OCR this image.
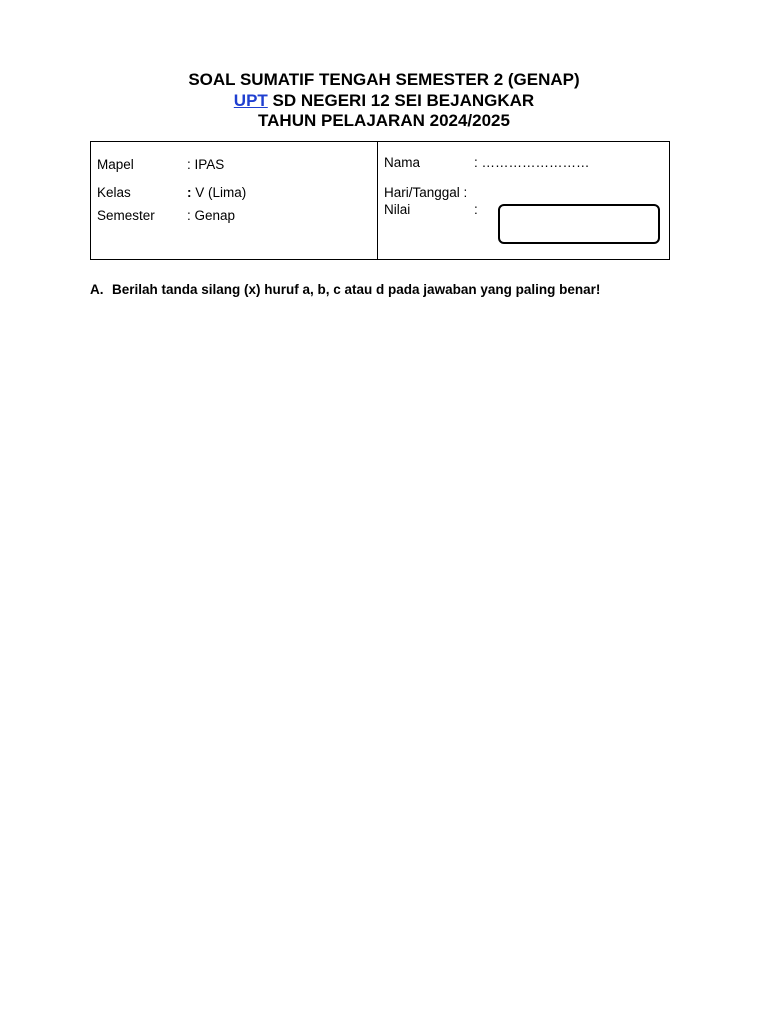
SOAL SUMATIF TENGAH SEMESTER 2 (GENAP)
UPT SD NEGERI 12 SEI BEJANGKAR
TAHUN PELAJARAN 2024/2025
Mapel	: IPAS
Kelas	: V (Lima)
Semester : Genap
Nama	: ……………………
Hari/Tanggal :
Nilai	:
A. Berilah tanda silang (x) huruf a, b, c atau d pada jawaban yang paling benar!
